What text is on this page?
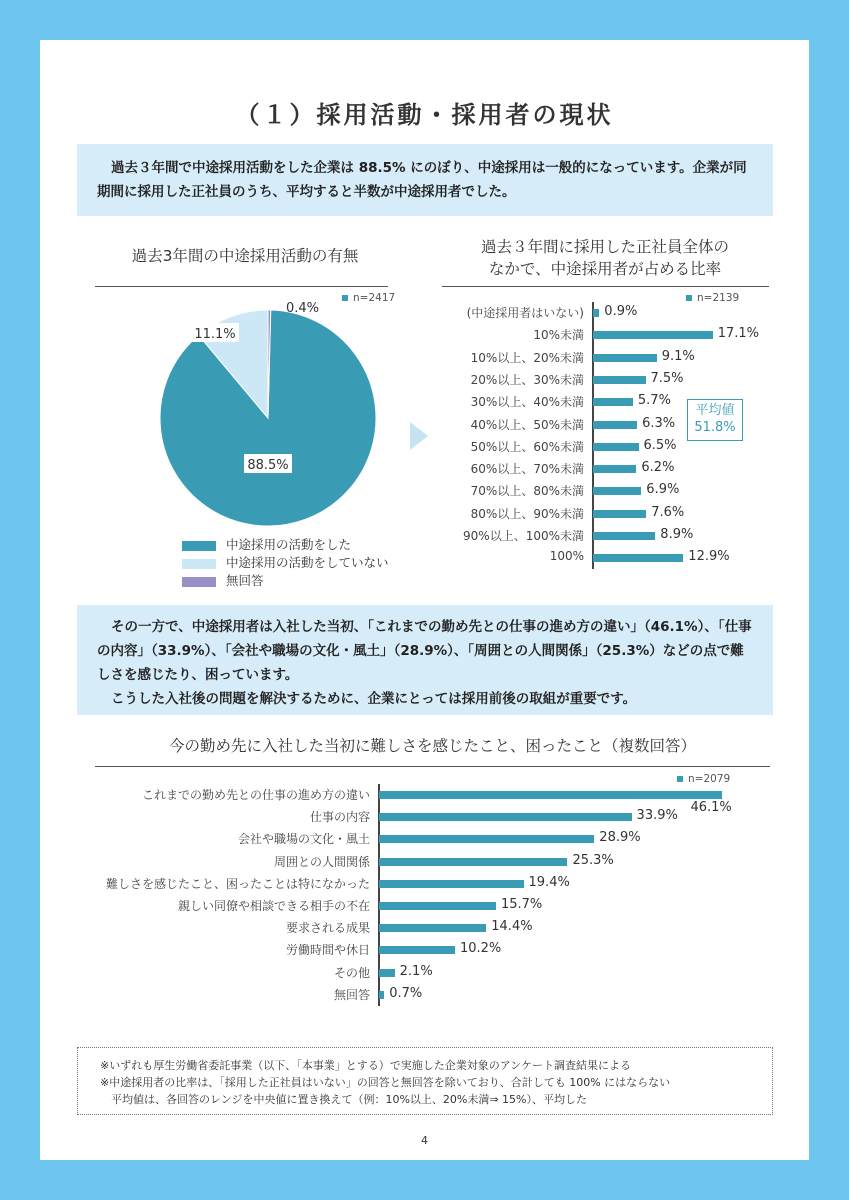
（１）採用活動・採用者の現状

過去３年間で中途採用活動をした企業は 88.5% にのぼり、中途採用は一般的になっています。企業が同期間に採用した正社員のうち、平均すると半数が中途採用者でした。

過去3年間の中途採用活動の有無
n=2417
88.5%
11.1%
0.4%
中途採用の活動をした
中途採用の活動をしていない
無回答
過去３年間に採用した正社員全体の
なかで、中途採用者が占める比率
n=2139
(中途採用者はいない) 0.9%
10%未満	17.1%
10%以上、20%未満	9.1%
20%以上、30%未満	7.5%
30%以上、40%未満	5.7%
40%以上、50%未満	6.3%
50%以上、60%未満	6.5%
60%以上、70%未満	6.2%
70%以上、80%未満	6.9%
80%以上、90%未満	7.6%
90%以上、100%未満	8.9%
100%	12.9%
平均値
51.8%

その一方で、中途採用者は入社した当初、「これまでの勤め先との仕事の進め方の違い」（46.1%）、「仕事の内容」（33.9%）、「会社や職場の文化・風土」（28.9%）、「周囲との人間関係」（25.3%）などの点で難しさを感じたり、困っています。

こうした入社後の問題を解決するために、企業にとっては採用前後の取組が重要です。

今の勤め先に入社した当初に難しさを感じたこと、困ったこと（複数回答）
n=2079
これまでの勤め先との仕事の進め方の違い
46.1%
仕事の内容	33.9%
会社や職場の文化・風土	28.9%
周囲との人間関係	25.3%
難しさを感じたこと、困ったことは特になかった	19.4%
親しい同僚や相談できる相手の不在	15.7%
要求される成果	14.4%
労働時間や休日	10.2%
その他 2.1%
無回答 0.7%

※いずれも厚生労働省委託事業（以下、「本事業」とする）で実施した企業対象のアンケート調査結果による

※中途採用者の比率は、「採用した正社員はいない」の回答と無回答を除いており、合計しても 100% にはならない

　平均値は、各回答のレンジを中央値に置き換えて（例：10%以上、20%未満⇒ 15%）、平均した

4
